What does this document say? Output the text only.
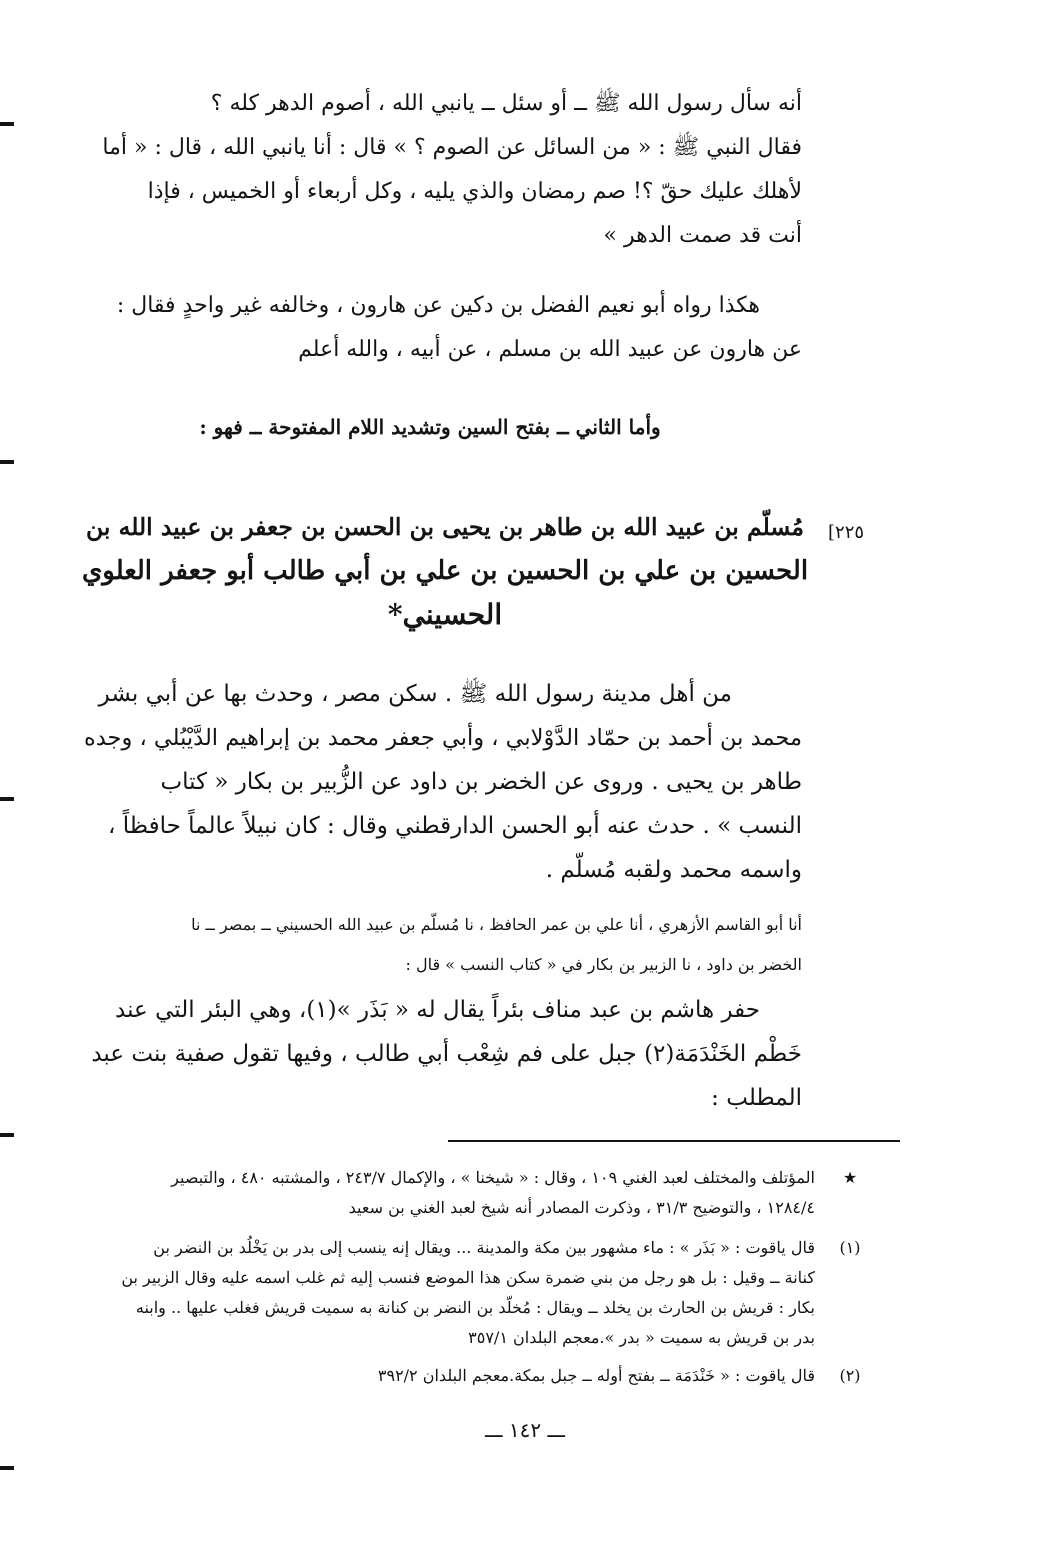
أنه سأل رسول الله ﷺ ــ أو سئل ــ يانبي الله ، أصوم الدهر كله ؟
فقال النبي ﷺ : « من السائل عن الصوم ؟ » قال : أنا يانبي الله ، قال : « أما
لأهلك عليك حقّ ؟! صم رمضان والذي يليه ، وكل أربعاء أو الخميس ، فإذا
أنت قد صمت الدهر »
هكذا رواه أبو نعيم الفضل بن دكين عن هارون ، وخالفه غير واحدٍ فقال :
عن هارون عن عبيد الله بن مسلم ، عن أبيه ، والله أعلم
وأما الثاني ــ بفتح السين وتشديد اللام المفتوحة ــ فهو :
[٢٢٥
مُسلّم بن عبيد الله بن طاهر بن يحيى بن الحسن بن جعفر بن عبيد الله بن
الحسين بن علي بن الحسين بن علي بن أبي طالب أبو جعفر العلوي
الحسيني*
من أهل مدينة رسول الله ﷺ . سكن مصر ، وحدث بها عن أبي بشر
محمد بن أحمد بن حمّاد الدَّوْلابي ، وأبي جعفر محمد بن إبراهيم الدَّيْبُلي ، وجده
طاهر بن يحيى . وروى عن الخضر بن داود عن الزُّبير بن بكار « كتاب
النسب » . حدث عنه أبو الحسن الدارقطني وقال : كان نبيلاً عالماً حافظاً ،
واسمه محمد ولقبه مُسلّم .
أنا أبو القاسم الأزهري ، أنا علي بن عمر الحافظ ، نا مُسلّم بن عبيد الله الحسيني ــ بمصر ــ نا
الخضر بن داود ، نا الزبير بن بكار في « كتاب النسب » قال :
حفر هاشم بن عبد مناف بئراً يقال له « بَذَر »(١)، وهي البئر التي عند
خَطْم الخَنْدَمَة(٢) جبل على فم شِعْب أبي طالب ، وفيها تقول صفية بنت عبد
المطلب :
★
المؤتلف والمختلف لعبد الغني ١٠٩ ، وقال : « شيخنا » ، والإكمال ٢٤٣/٧ ، والمشتبه ٤٨٠ ، والتبصير
١٢٨٤/٤ ، والتوضيح ٣١/٣ ، وذكرت المصادر أنه شيخ لعبد الغني بن سعيد
(١)
قال ياقوت : « بَذَر » : ماء مشهور بين مكة والمدينة ... ويقال إنه ينسب إلى بدر بن يَخْلُد بن النضر بن
كنانة ــ وقيل : بل هو رجل من بني ضمرة سكن هذا الموضع فنسب إليه ثم غلب اسمه عليه وقال الزبير بن
بكار : قريش بن الحارث بن يخلد ــ ويقال : مُخلّد بن النضر بن كنانة به سميت قريش فغلب عليها .. وابنه
بدر بن قريش به سميت « بدر ».معجم البلدان ٣٥٧/١
(٢)
قال ياقوت : « خَنْدَمَة ــ بفتح أوله ــ جبل بمكة.معجم البلدان ٣٩٢/٢
ـــ ١٤٢ ـــ
